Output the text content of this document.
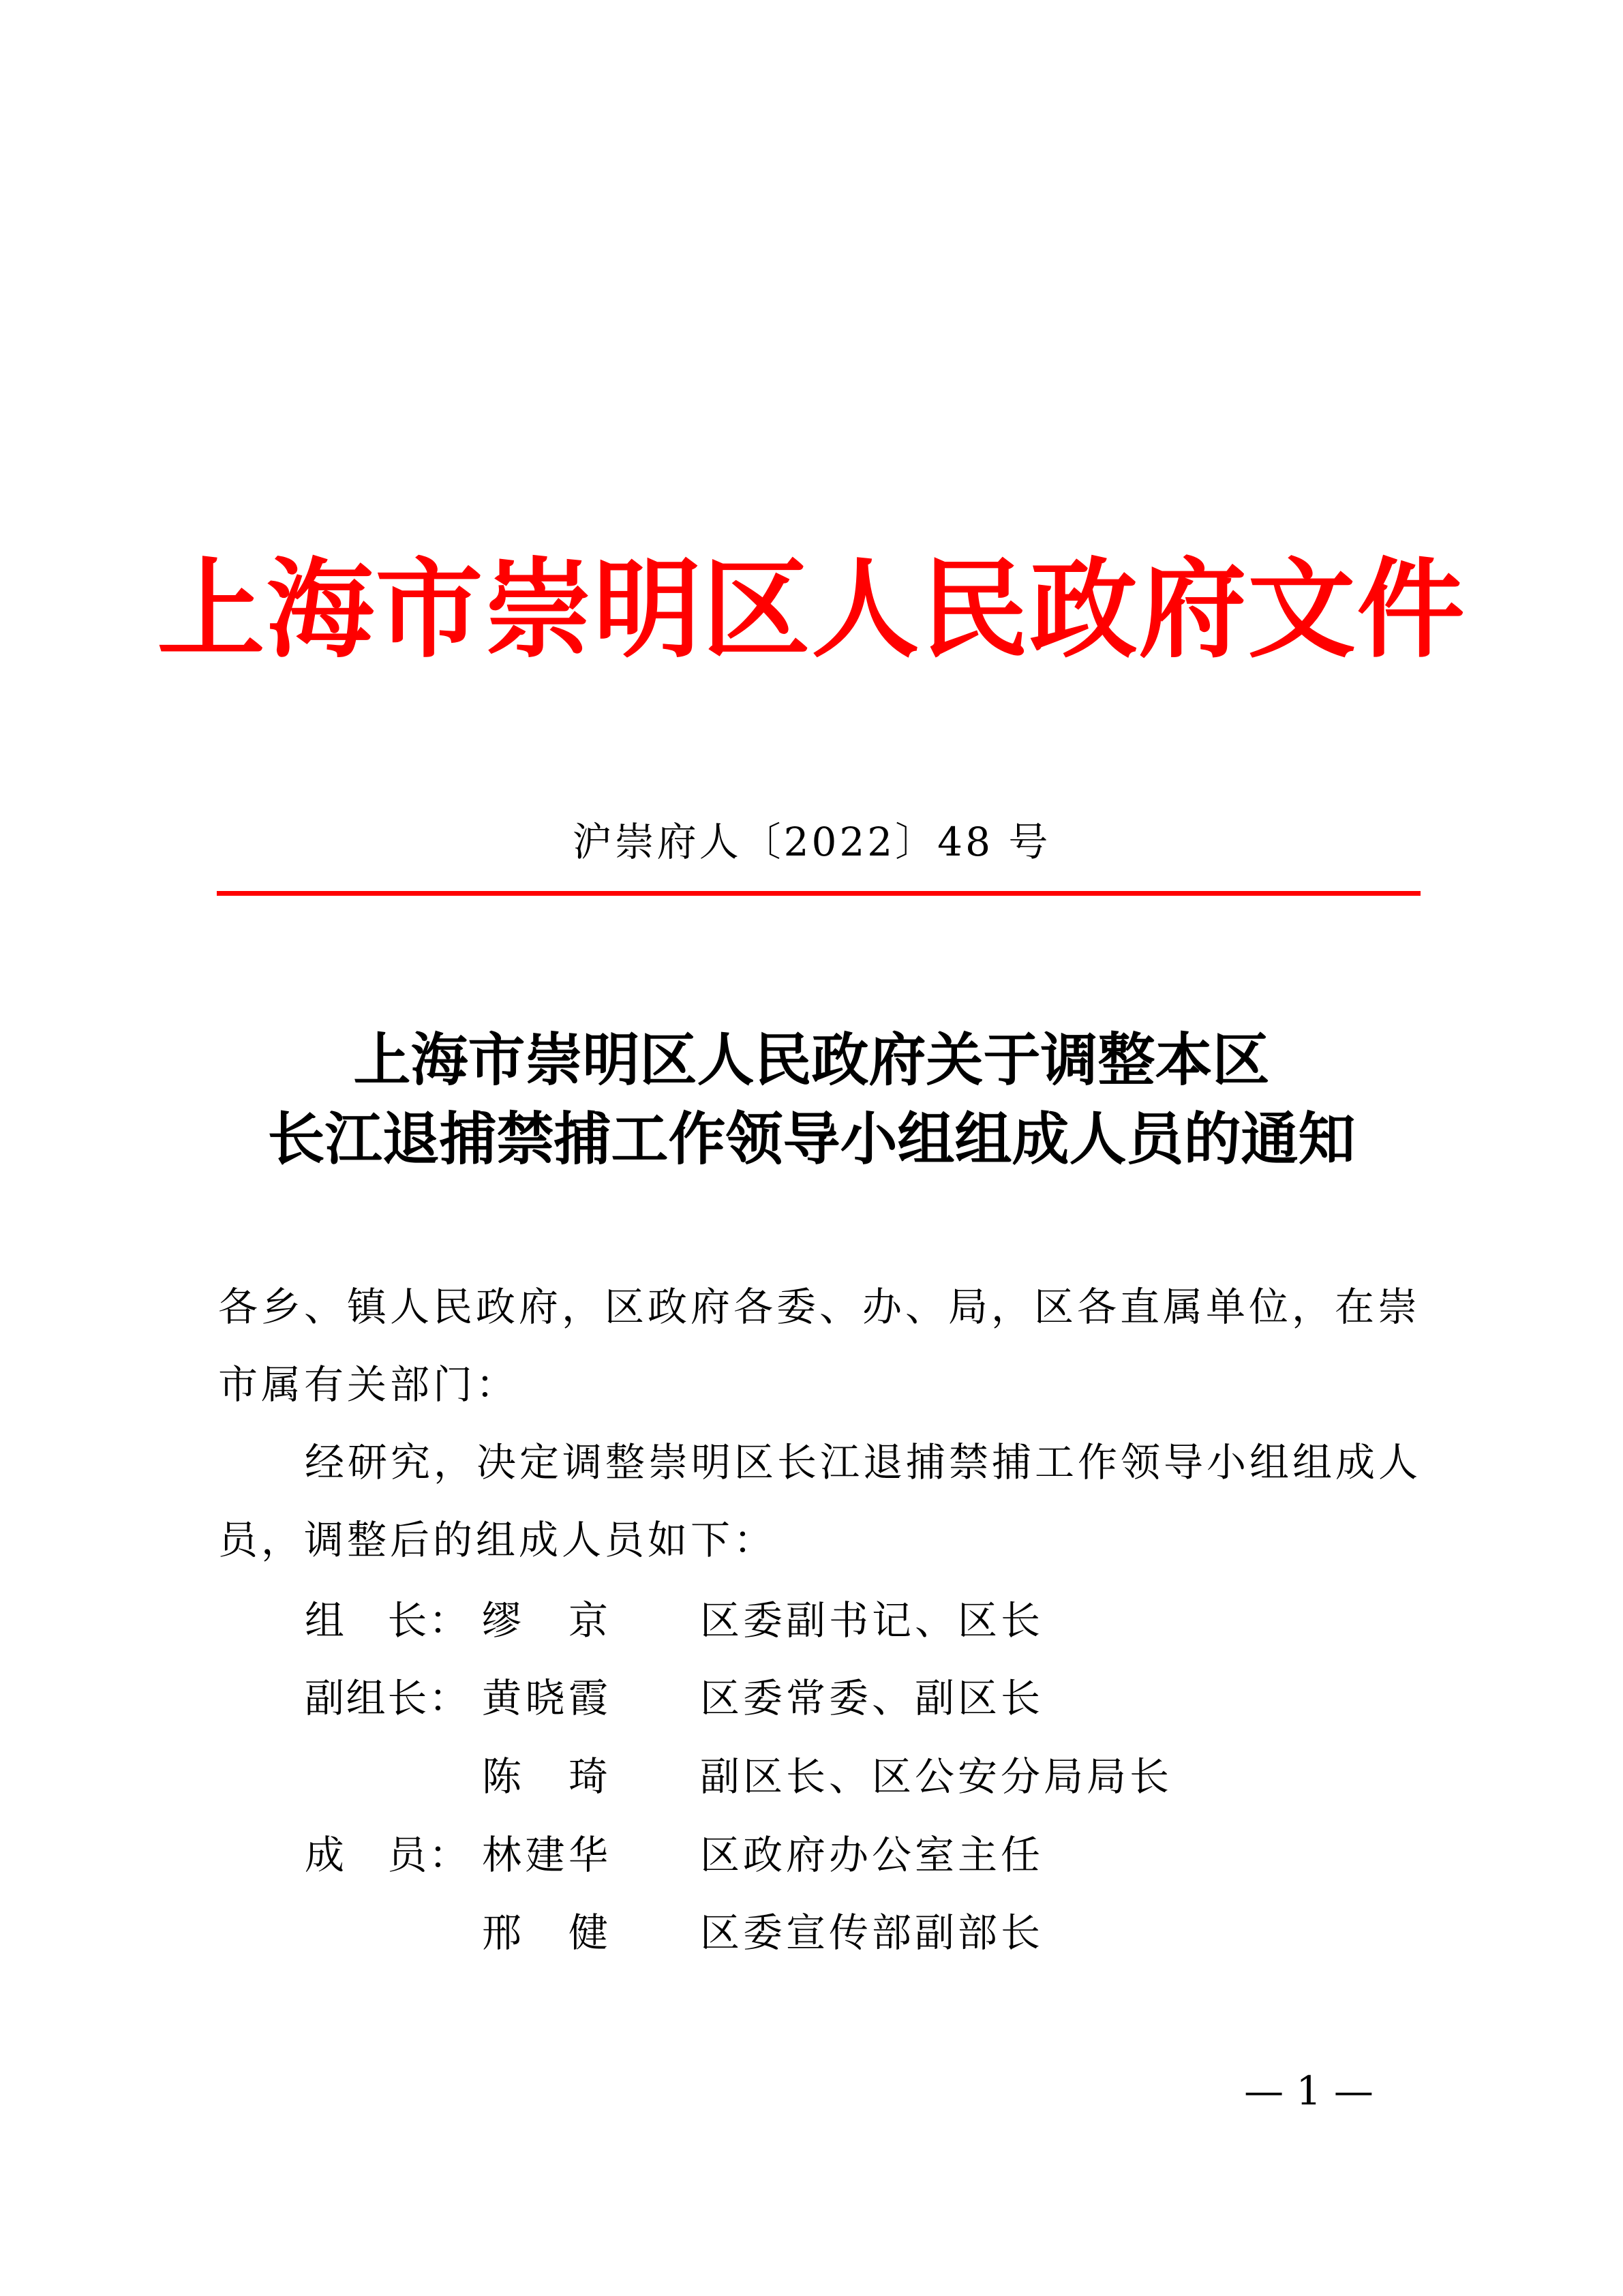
上海市崇明区人民政府文件
沪崇府人〔2022〕48 号
上海市崇明区人民政府关于调整本区
长江退捕禁捕工作领导小组组成人员的通知
各乡、镇人民政府，区政府各委、办、局，区各直属单位，在崇
市属有关部门：
经研究，决定调整崇明区长江退捕禁捕工作领导小组组成人
员，调整后的组成人员如下：
组　长： 缪京 区委副书记、区长
副组长： 黄晓霞 区委常委、副区长
陈琦 副区长、区公安分局局长
成　员： 林建华 区政府办公室主任
邢健 区委宣传部副部长
— 1 —
